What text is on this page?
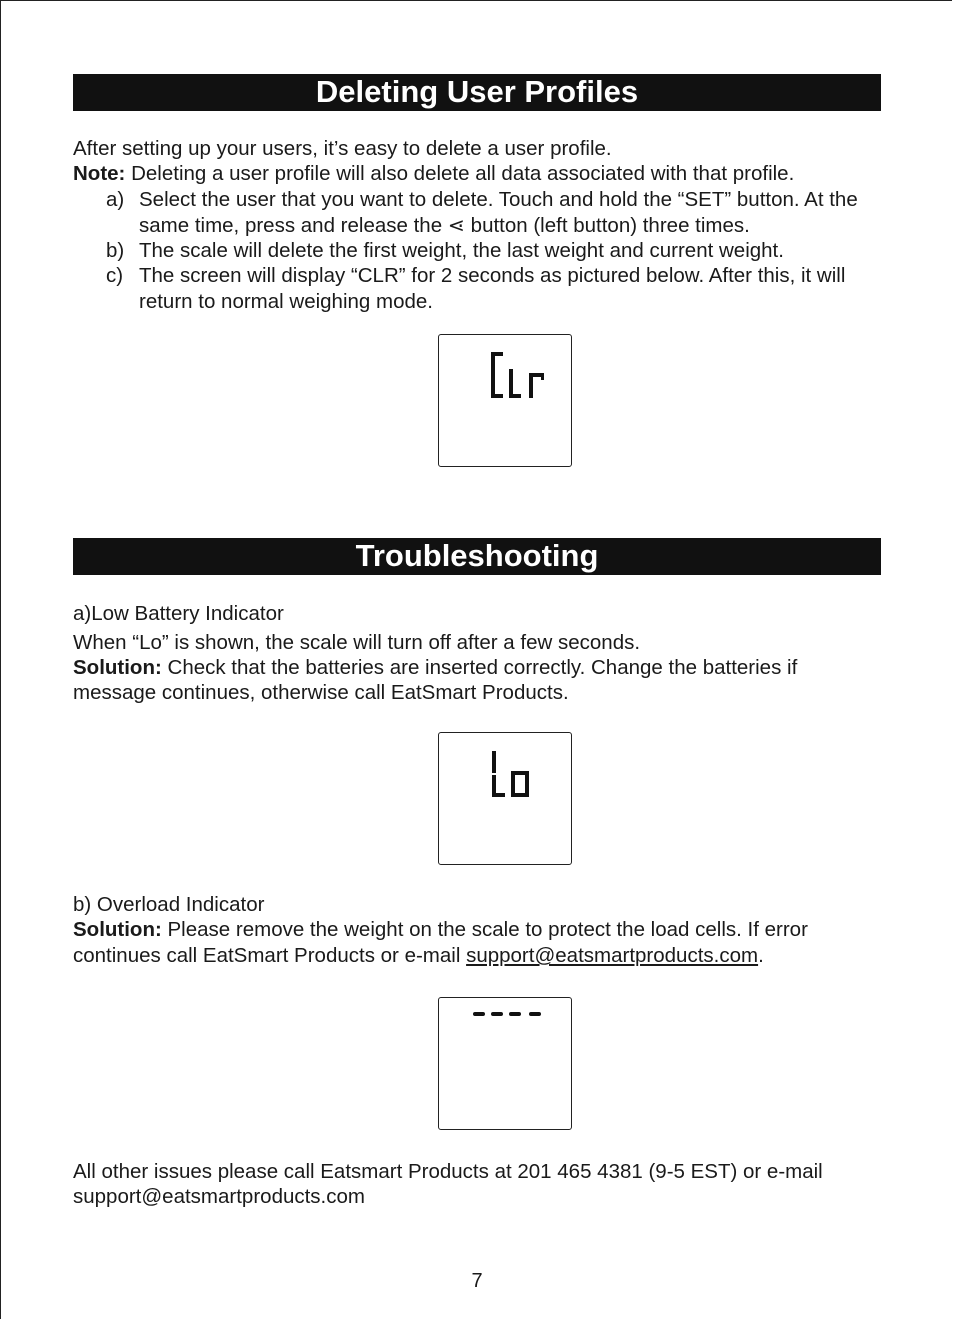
Deleting User Profiles
After setting up your users, it’s easy to delete a user profile.
Note: Deleting a user profile will also delete all data associated with that profile.
a) Select the user that you want to delete. Touch and hold the “SET” button. At the same time, press and release the ⋖ button (left button) three times.
b) The scale will delete the first weight, the last weight and current weight.
c) The screen will display “CLR” for 2 seconds as pictured below. After this, it will return to normal weighing mode.
Troubleshooting
a)Low Battery Indicator
When “Lo” is shown, the scale will turn off after a few seconds.
Solution: Check that the batteries are inserted correctly. Change the batteries if
message continues, otherwise call EatSmart Products.
b) Overload Indicator
Solution: Please remove the weight on the scale to protect the load cells. If error
continues call EatSmart Products or e-mail support@eatsmartproducts.com.
All other issues please call Eatsmart Products at 201 465 4381 (9-5 EST) or e-mail
support@eatsmartproducts.com
7
